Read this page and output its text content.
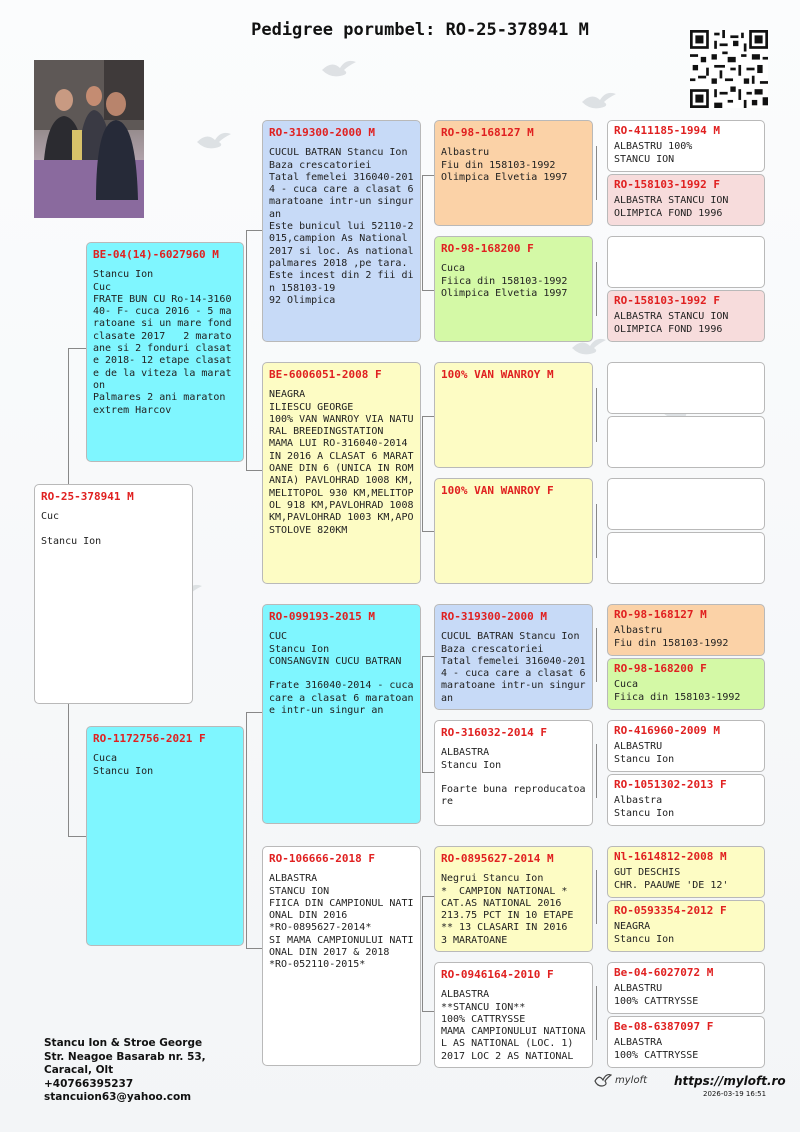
Pedigree porumbel: RO-25-378941 M
RO-25-378941 M
Cuc

Stancu Ion
BE-04(14)-6027960 M
Stancu Ion
Cuc
FRATE BUN CU Ro-14-316040- F- cuca 2016 - 5 maratoane si un mare fond clasate 2017   2 maratoane si 2 fonduri clasate 2018- 12 etape clasate de la viteza la maraton
Palmares 2 ani maraton extrem Harcov
RO-1172756-2021 F
Cuca
Stancu Ion
RO-319300-2000 M
CUCUL BATRAN Stancu Ion
Baza crescatoriei
Tatal femelei 316040-2014 - cuca care a clasat 6 maratoane intr-un singur an
Este bunicul lui 52110-2015,campion As National 2017 si loc. As national palmares 2018 ,pe tara. Este incest din 2 fii din 158103-19
92 Olimpica
BE-6006051-2008 F
NEAGRA
ILIESCU GEORGE
100% VAN WANROY VIA NATURAL BREEDINGSTATION
MAMA LUI RO-316040-2014 IN 2016 A CLASAT 6 MARATOANE DIN 6 (UNICA IN ROMANIA) PAVLOHRAD 1008 KM,MELITOPOL 930 KM,MELITOPOL 918 KM,PAVLOHRAD 1008 KM,PAVLOHRAD 1003 KM,APOSTOLOVE 820KM
RO-099193-2015 M
CUC
Stancu Ion
CONSANGVIN CUCU BATRAN

Frate 316040-2014 - cuca care a clasat 6 maratoane intr-un singur an
RO-106666-2018 F
ALBASTRA
STANCU ION
FIICA DIN CAMPIONUL NATIONAL DIN 2016
*RO-0895627-2014*
SI MAMA CAMPIONULUI NATIONAL DIN 2017 & 2018
*RO-052110-2015*
RO-98-168127 M
Albastru
Fiu din 158103-1992
Olimpica Elvetia 1997
RO-98-168200 F
Cuca
Fiica din 158103-1992
Olimpica Elvetia 1997
100% VAN WANROY M
100% VAN WANROY F
RO-319300-2000 M
CUCUL BATRAN Stancu Ion
Baza crescatoriei
Tatal femelei 316040-2014 - cuca care a clasat 6 maratoane intr-un singur an
RO-316032-2014 F
ALBASTRA
Stancu Ion

Foarte buna reproducatoare
RO-0895627-2014 M
Negrui Stancu Ion
*  CAMPION NATIONAL *
CAT.AS NATIONAL 2016
213.75 PCT IN 10 ETAPE
** 13 CLASARI IN 2016
3 MARATOANE
RO-0946164-2010 F
ALBASTRA
**STANCU ION**
100% CATTRYSSE
MAMA CAMPIONULUI NATIONAL AS NATIONAL (LOC. 1)
2017 LOC 2 AS NATIONAL
RO-411185-1994 M
ALBASTRU 100%
STANCU ION
RO-158103-1992 F
ALBASTRA STANCU ION
OLIMPICA FOND 1996
RO-158103-1992 F
ALBASTRA STANCU ION
OLIMPICA FOND 1996
RO-98-168127 M
Albastru
Fiu din 158103-1992
RO-98-168200 F
Cuca
Fiica din 158103-1992
RO-416960-2009 M
ALBASTRU
Stancu Ion
RO-1051302-2013 F
Albastra
Stancu Ion
Nl-1614812-2008 M
GUT DESCHIS
CHR. PAAUWE 'DE 12'
RO-0593354-2012 F
NEAGRA
Stancu Ion
Be-04-6027072 M
ALBASTRU
100% CATTRYSSE
Be-08-6387097 F
ALBASTRA
100% CATTRYSSE
Stancu Ion & Stroe George
Str. Neagoe Basarab nr. 53,
Caracal, Olt
+40766395237
stancuion63@yahoo.com
myloft https://myloft.ro
2026-03-19 16:51
